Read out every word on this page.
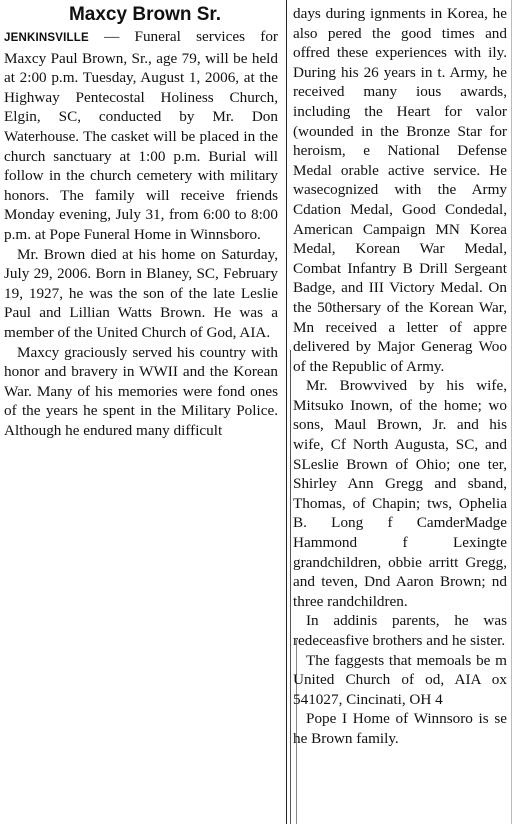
Maxcy Brown Sr.

JENKINSVILLE — Funeral services for Maxcy Paul Brown, Sr., age 79, will be held at 2:00 p.m. Tuesday, August 1, 2006, at the Highway Pentecostal Holiness Church, Elgin, SC, conducted by Mr. Don Waterhouse. The casket will be placed in the church sanctuary at 1:00 p.m. Burial will follow in the church cemetery with military honors. The family will receive friends Monday evening, July 31, from 6:00 to 8:00 p.m. at Pope Funeral Home in Winnsboro.

Mr. Brown died at his home on Saturday, July 29, 2006. Born in Blaney, SC, February 19, 1927, he was the son of the late Leslie Paul and Lillian Watts Brown. He was a member of the United Church of God, AIA.

Maxcy graciously served his country with honor and bravery in WWII and the Korean War. Many of his memories were fond ones of the years he spent in the Military Police. Although he endured many difficult

days during ignments in Korea, he also pered the good times and offred these experiences with ily. During his 26 years in t. Army, he received many ious awards, including the Heart for valor (wounded in the Bronze Star for heroism, e National Defense Medal orable active service. He wasecognized with the Army Cdation Medal, Good Condedal, American Campaign MN Korea Medal, Korean War Medal, Combat Infantry B Drill Sergeant Badge, and III Victory Medal. On the 50thersary of the Korean War, Mn received a letter of appre delivered by Major Generag Woo of the Republic of Army.

Mr. Browvived by his wife, Mitsuko Inown, of the home; wo sons, Maul Brown, Jr. and his wife, Cf North Augusta, SC, and SLeslie Brown of Ohio; one ter, Shirley Ann Gregg and sband, Thomas, of Chapin; tws, Ophelia B. Long f CamderMadge Hammond f Lexingte grandchildren, obbie arritt Gregg, and teven, Dnd Aaron Brown; nd three randchildren.

In addinis parents, he was redeceasfive brothers and he sister.

The faggests that memoals be m United Church of od, AIA ox 541027, Cincinati, OH 4

Pope I Home of Winnsoro is se he Brown family.
